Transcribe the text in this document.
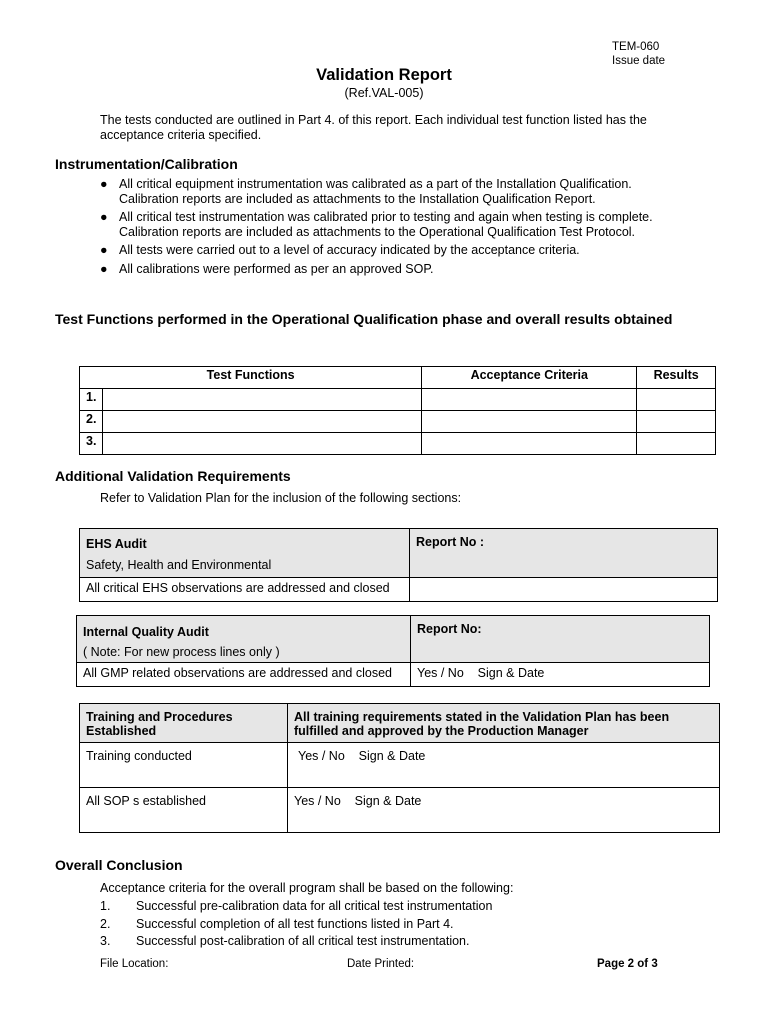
TEM-060
Issue date
Validation Report
(Ref.VAL-005)
The tests conducted are outlined in Part 4. of this report. Each individual test function listed has the acceptance criteria specified.
Instrumentation/Calibration
● All critical equipment instrumentation was calibrated as a part of the Installation Qualification. Calibration reports are included as attachments to the Installation Qualification Report.
● All critical test instrumentation was calibrated prior to testing and again when testing is complete. Calibration reports are included as attachments to the Operational Qualification Test Protocol.
● All tests were carried out to a level of accuracy indicated by the acceptance criteria.
● All calibrations were performed as per an approved SOP.
Test Functions performed in the Operational Qualification phase and overall results obtained
Test Functions		Acceptance Criteria	Results
1.			
2.			
3.			
Additional Validation Requirements
Refer to Validation Plan for the inclusion of the following sections:
EHS Audit
Safety, Health and Environmental	Report No :
All critical EHS observations are addressed and closed	
Internal Quality Audit
( Note: For new process lines only )	Report No:
All GMP related observations are addressed and closed	Yes / No    Sign & Date
Training and Procedures Established	All training requirements stated in the Validation Plan has been fulfilled and approved by the Production Manager
Training conducted	Yes / No    Sign & Date
All SOP s established	Yes / No    Sign & Date
Overall Conclusion
Acceptance criteria for the overall program shall be based on the following:
1. Successful pre-calibration data for all critical test instrumentation
2. Successful completion of all test functions listed in Part 4.
3. Successful post-calibration of all critical test instrumentation.
File Location:	Date Printed:	Page 2 of 3
